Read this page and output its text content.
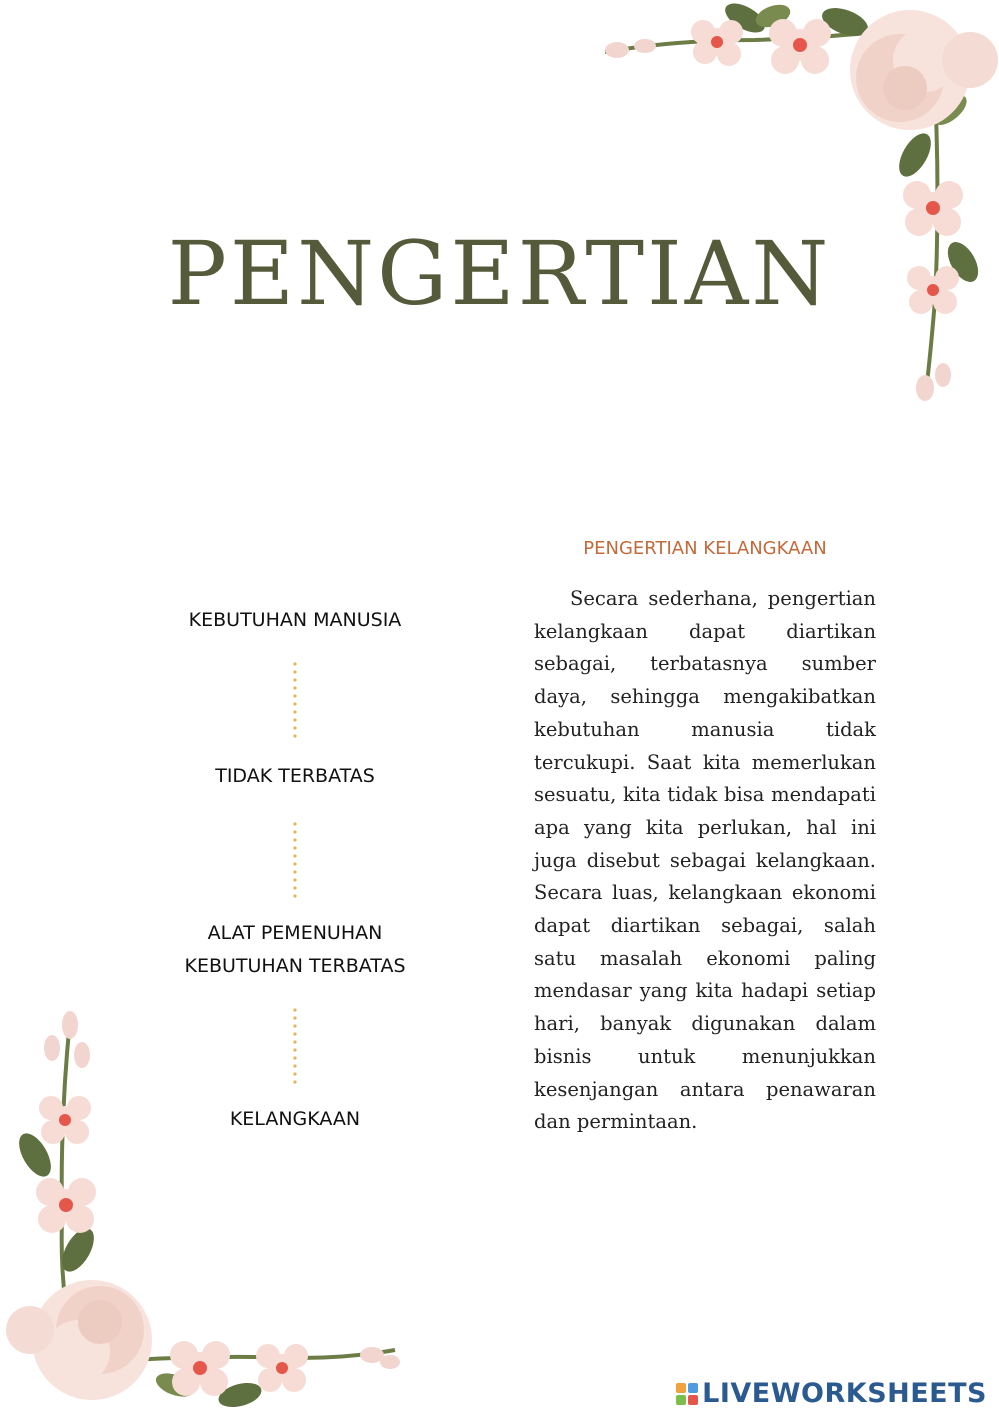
PENGERTIAN
KEBUTUHAN MANUSIA
TIDAK TERBATAS
ALAT PEMENUHAN KEBUTUHAN TERBATAS
KELANGKAAN
PENGERTIAN KELANGKAAN

Secara sederhana, pengertian kelangkaan dapat diartikan sebagai, terbatasnya sumber daya, sehingga mengakibatkan kebutuhan manusia tidak tercukupi. Saat kita memerlukan sesuatu, kita tidak bisa mendapati apa yang kita perlukan, hal ini juga disebut sebagai kelangkaan. Secara luas, kelangkaan ekonomi dapat diartikan sebagai, salah satu masalah ekonomi paling mendasar yang kita hadapi setiap hari, banyak digunakan dalam bisnis untuk menunjukkan kesenjangan antara penawaran dan permintaan.

LIVEWORKSHEETS
